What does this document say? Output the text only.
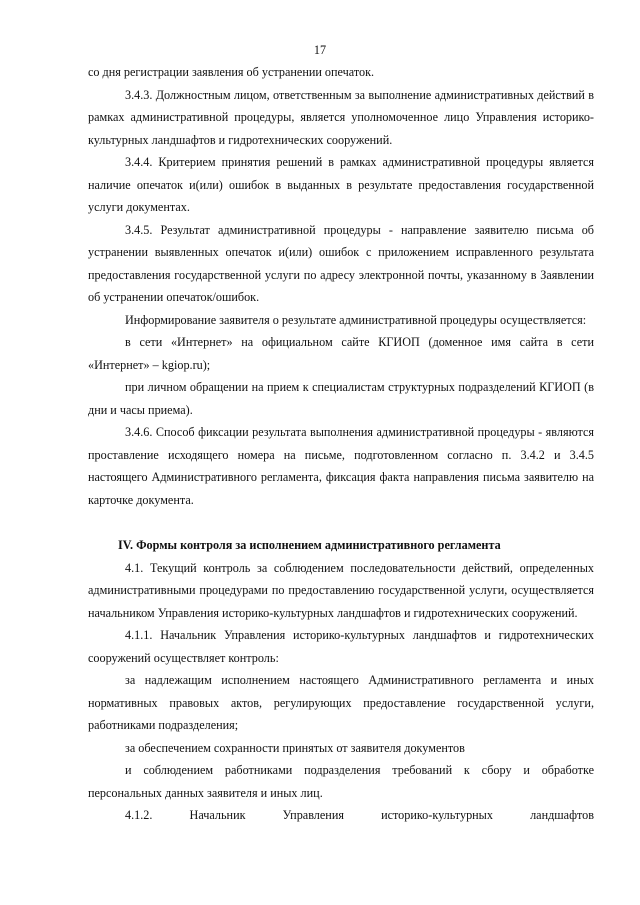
17

со дня регистрации заявления об устранении опечаток.

3.4.3. Должностным лицом, ответственным за выполнение административных действий в рамках административной процедуры, является уполномоченное лицо Управления историко-культурных ландшафтов и гидротехнических сооружений.

3.4.4. Критерием принятия решений в рамках административной процедуры является наличие опечаток и(или) ошибок в выданных в результате предоставления государственной услуги документах.

3.4.5. Результат административной процедуры - направление заявителю письма об устранении выявленных опечаток и(или) ошибок с приложением исправленного результата предоставления государственной услуги по адресу электронной почты, указанному в Заявлении об устранении опечаток/ошибок.

Информирование заявителя о результате административной процедуры осуществляется:

в сети «Интернет» на официальном сайте КГИОП (доменное имя сайта в сети «Интернет» – kgiop.ru);

при личном обращении на прием к специалистам структурных подразделений КГИОП (в дни и часы приема).

3.4.6. Способ фиксации результата выполнения административной процедуры - являются проставление исходящего номера на письме, подготовленном согласно п. 3.4.2 и 3.4.5 настоящего Административного регламента, фиксация факта направления письма заявителю на карточке документа.

IV. Формы контроля за исполнением административного регламента

4.1. Текущий контроль за соблюдением последовательности действий, определенных административными процедурами по предоставлению государственной услуги, осуществляется начальником Управления историко-культурных ландшафтов и гидротехнических сооружений.

4.1.1. Начальник Управления историко-культурных ландшафтов и гидротехнических сооружений осуществляет контроль:

за надлежащим исполнением настоящего Административного регламента и иных нормативных правовых актов, регулирующих предоставление государственной услуги, работниками подразделения;

за обеспечением сохранности принятых от заявителя документов

и соблюдением работниками подразделения требований к сбору и обработке персональных данных заявителя и иных лиц.

4.1.2. Начальник Управления историко-культурных ландшафтов
